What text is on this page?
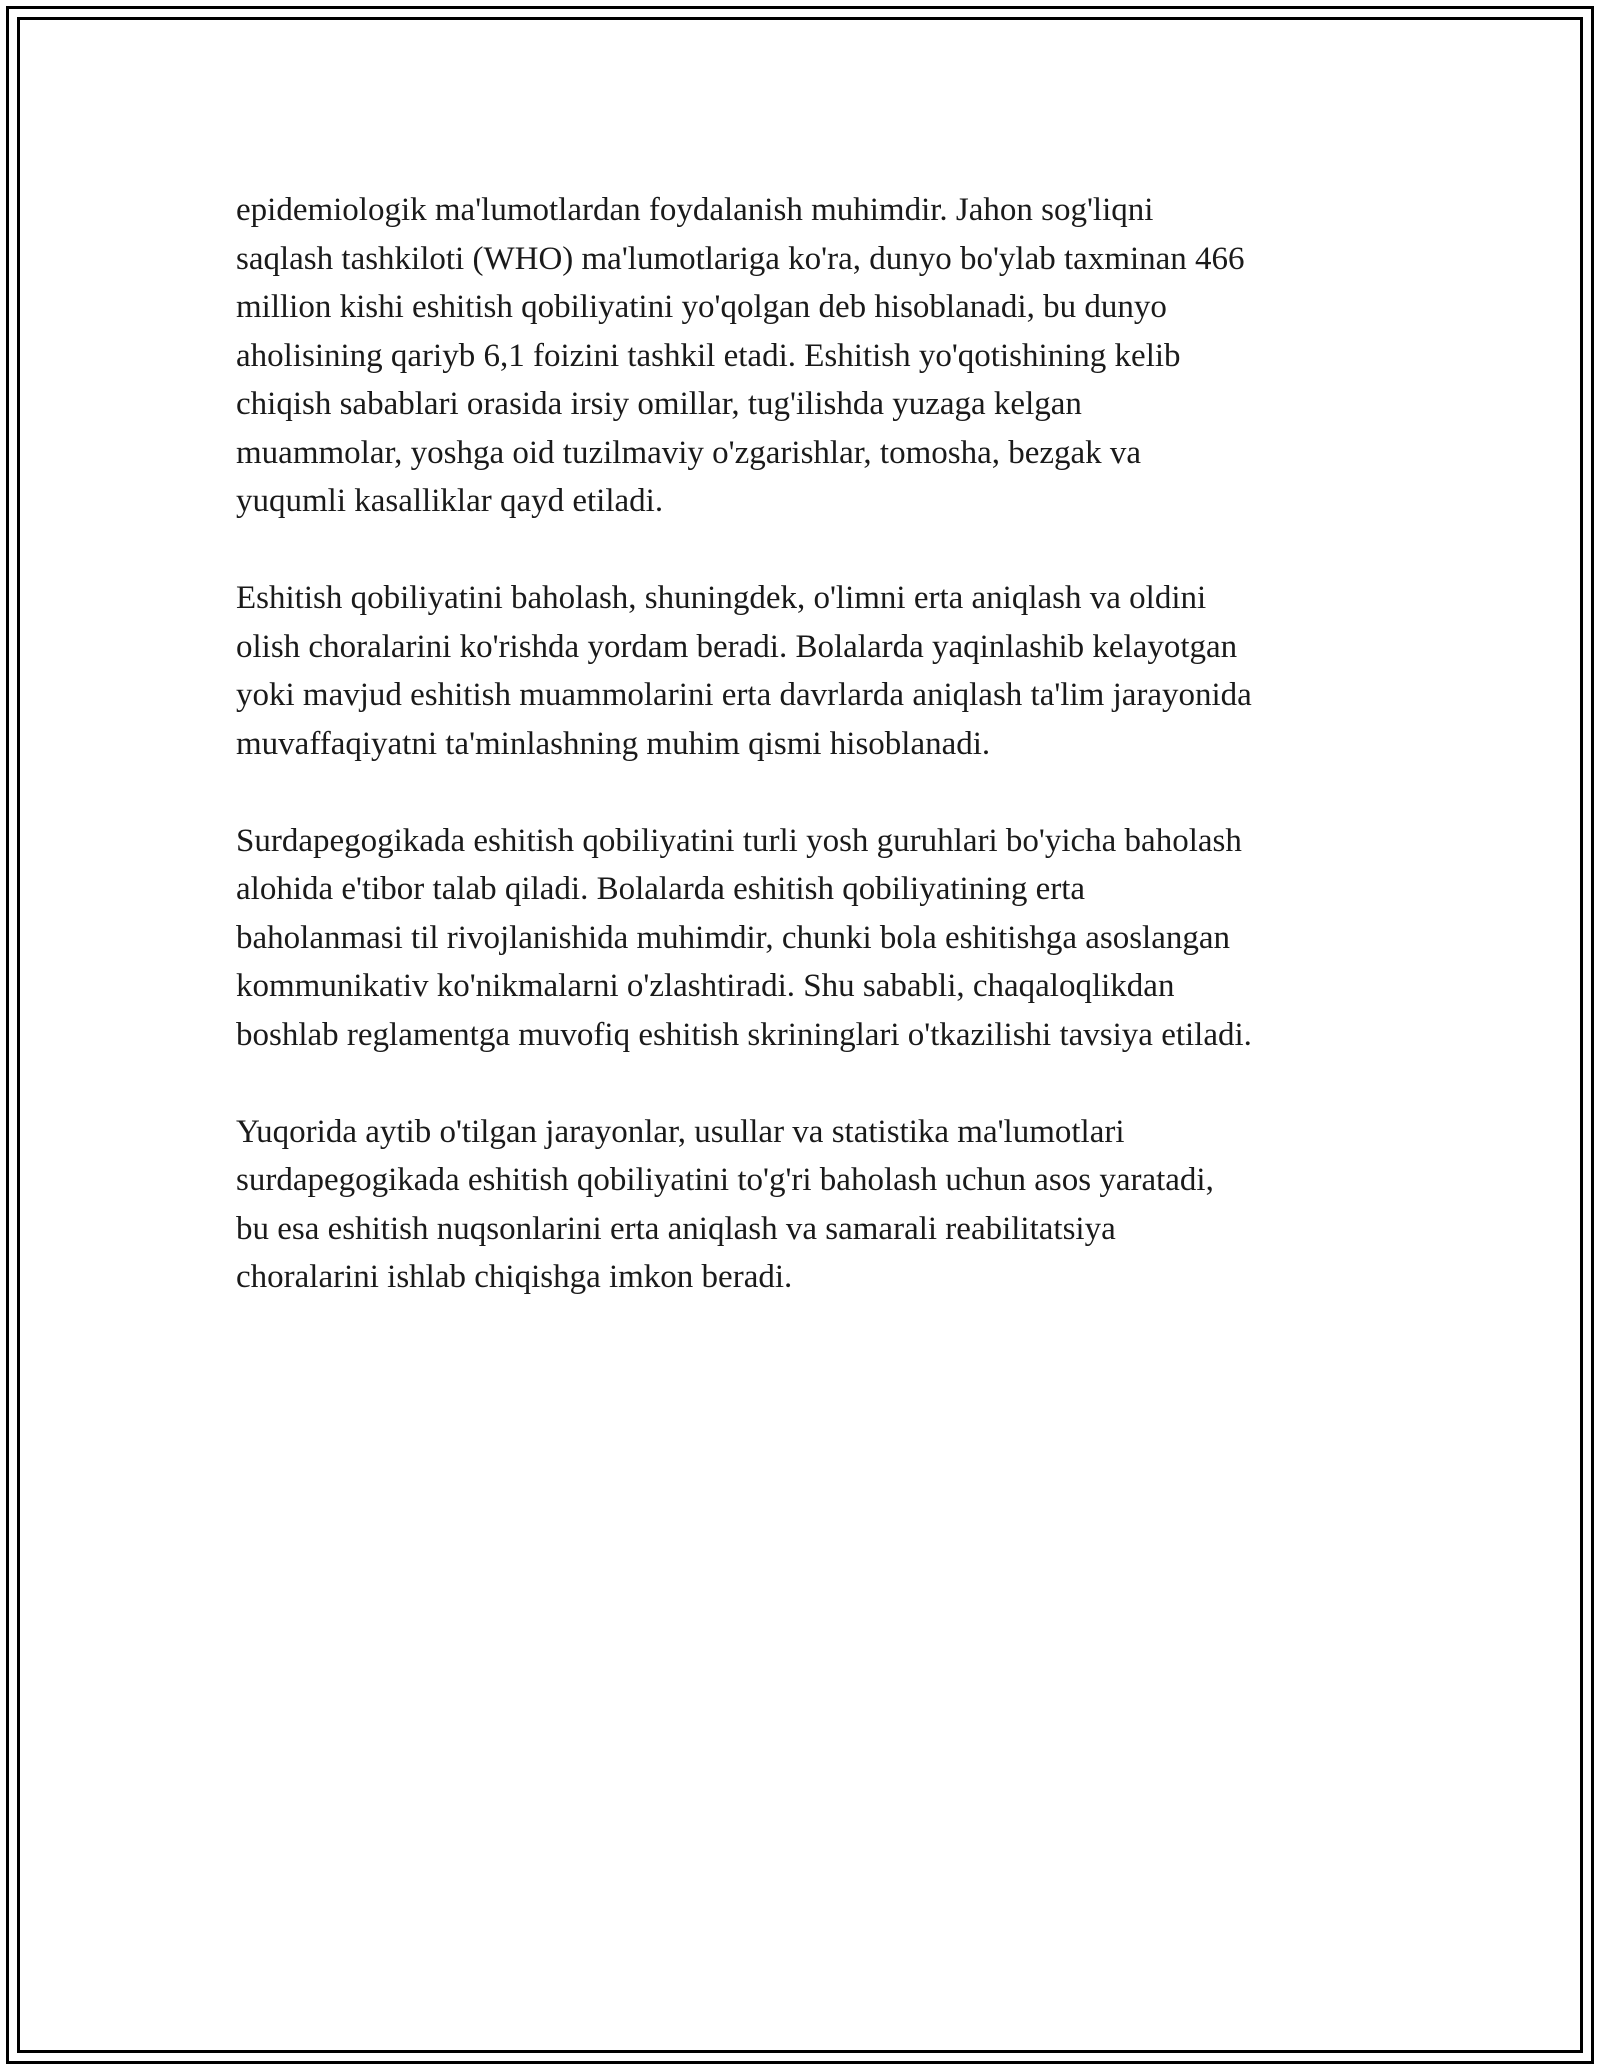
epidemiologik ma'lumotlardan foydalanish muhimdir. Jahon sog'liqni
saqlash tashkiloti (WHO) ma'lumotlariga ko'ra, dunyo bo'ylab taxminan 466
million kishi eshitish qobiliyatini yo'qolgan deb hisoblanadi, bu dunyo
aholisining qariyb 6,1 foizini tashkil etadi. Eshitish yo'qotishining kelib
chiqish sabablari orasida irsiy omillar, tug'ilishda yuzaga kelgan
muammolar, yoshga oid tuzilmaviy o'zgarishlar, tomosha, bezgak va
yuqumli kasalliklar qayd etiladi.

Eshitish qobiliyatini baholash, shuningdek, o'limni erta aniqlash va oldini
olish choralarini ko'rishda yordam beradi. Bolalarda yaqinlashib kelayotgan
yoki mavjud eshitish muammolarini erta davrlarda aniqlash ta'lim jarayonida
muvaffaqiyatni ta'minlashning muhim qismi hisoblanadi.

Surdapegogikada eshitish qobiliyatini turli yosh guruhlari bo'yicha baholash
alohida e'tibor talab qiladi. Bolalarda eshitish qobiliyatining erta
baholanmasi til rivojlanishida muhimdir, chunki bola eshitishga asoslangan
kommunikativ ko'nikmalarni o'zlashtiradi. Shu sababli, chaqaloqlikdan
boshlab reglamentga muvofiq eshitish skrininglari o'tkazilishi tavsiya etiladi.

Yuqorida aytib o'tilgan jarayonlar, usullar va statistika ma'lumotlari
surdapegogikada eshitish qobiliyatini to'g'ri baholash uchun asos yaratadi,
bu esa eshitish nuqsonlarini erta aniqlash va samarali reabilitatsiya
choralarini ishlab chiqishga imkon beradi.
